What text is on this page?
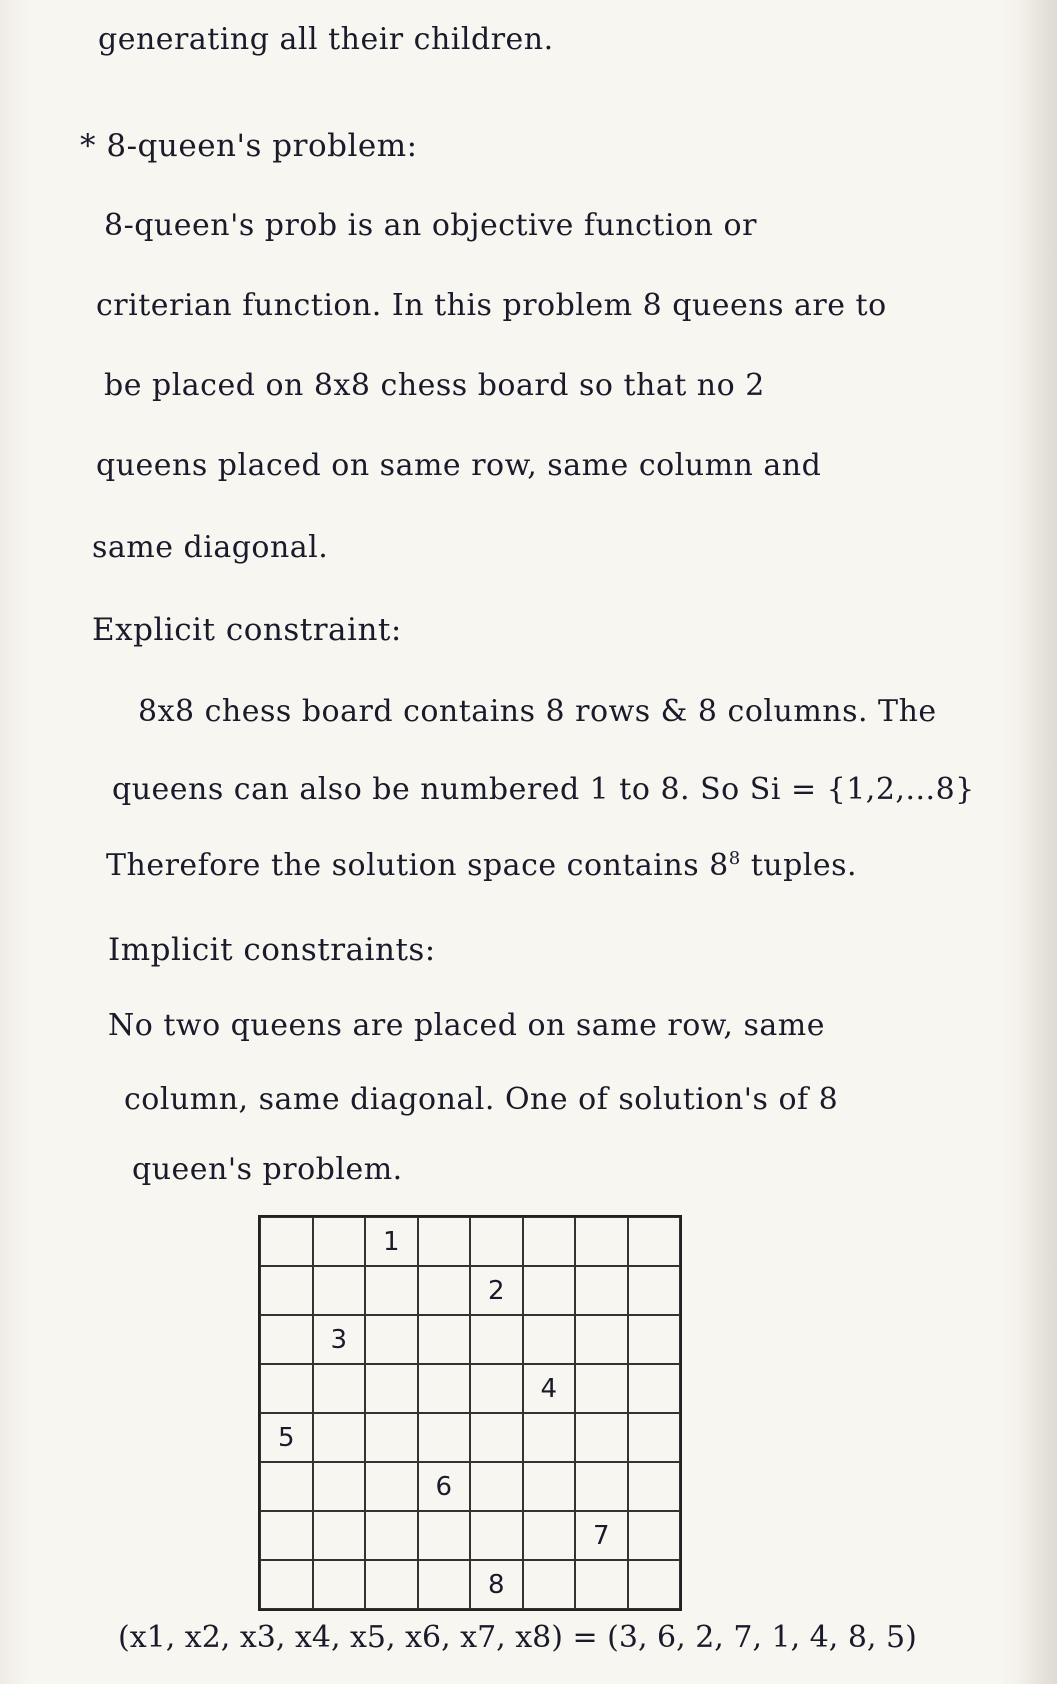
generating all their children.
* 8-queen's problem:
8-queen's prob is an objective function or
criterian function. In this problem 8 queens are to
be placed on 8x8 chess board so that no 2
queens placed on same row, same column and
same diagonal.
Explicit constraint:
8x8 chess board contains 8 rows & 8 columns. The
queens can also be numbered 1 to 8. So Si = {1,2,...8}
Therefore the solution space contains $8^8$ tuples.
Implicit constraints:
No two queens are placed on same row, same
column, same diagonal. One of solution's of 8
queen's problem.
1
2
3
4
5
6
7
8
(x1, x2, x3, x4, x5, x6, x7, x8) = (3, 6, 2, 7, 1, 4, 8, 5)
